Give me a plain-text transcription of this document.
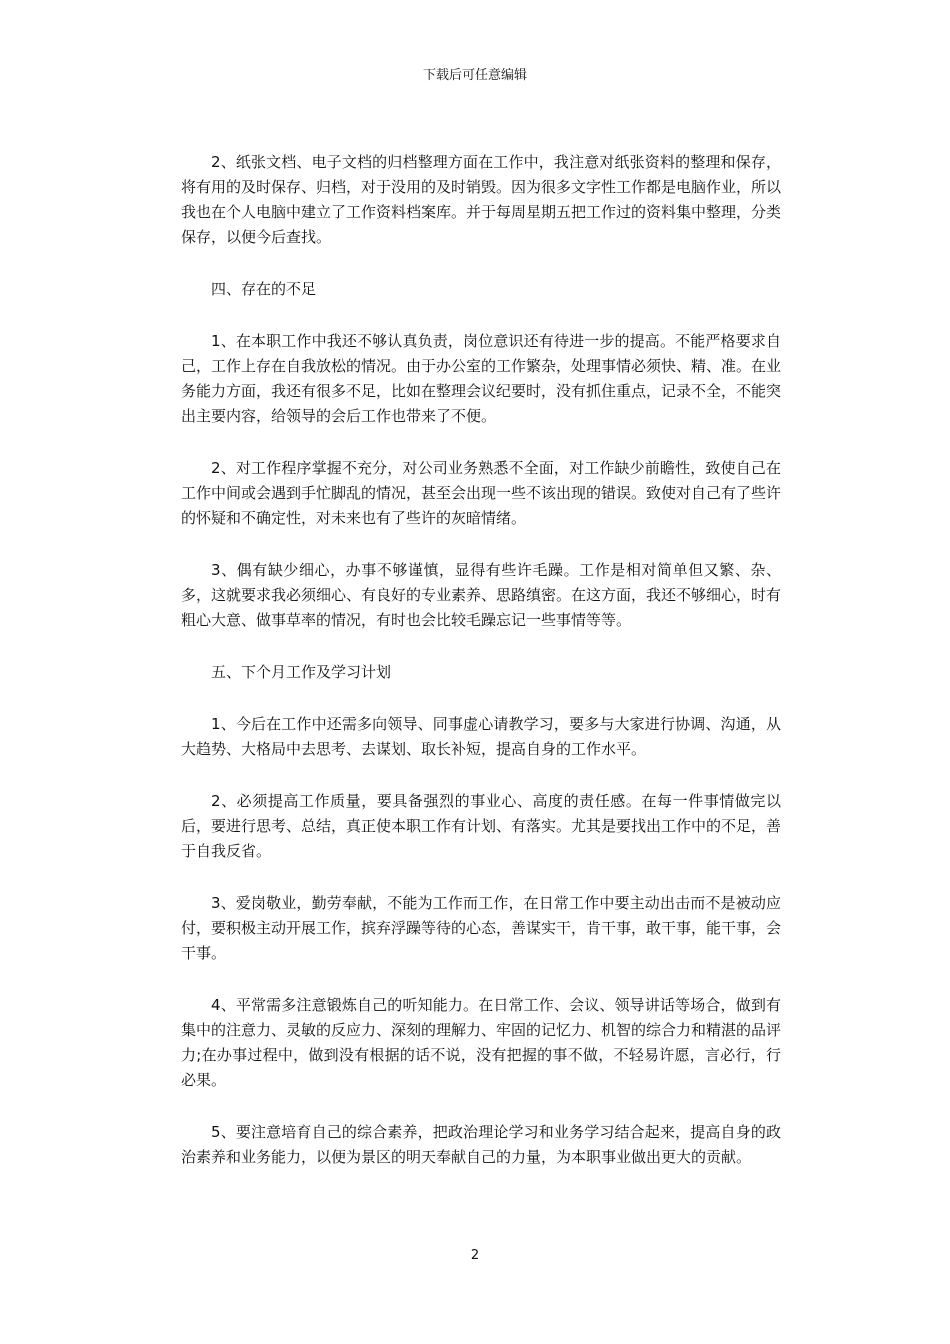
下载后可任意编辑

2、纸张文档、电子文档的归档整理方面在工作中，我注意对纸张资料的整理和保存，将有用的及时保存、归档，对于没用的及时销毁。因为很多文字性工作都是电脑作业，所以我也在个人电脑中建立了工作资料档案库。并于每周星期五把工作过的资料集中整理，分类保存，以便今后查找。

四、存在的不足

1、在本职工作中我还不够认真负责，岗位意识还有待进一步的提高。不能严格要求自己，工作上存在自我放松的情况。由于办公室的工作繁杂，处理事情必须快、精、准。在业务能力方面，我还有很多不足，比如在整理会议纪要时，没有抓住重点，记录不全，不能突出主要内容，给领导的会后工作也带来了不便。

2、对工作程序掌握不充分，对公司业务熟悉不全面，对工作缺少前瞻性，致使自己在工作中间或会遇到手忙脚乱的情况，甚至会出现一些不该出现的错误。致使对自己有了些许的怀疑和不确定性，对未来也有了些许的灰暗情绪。

3、偶有缺少细心，办事不够谨慎，显得有些许毛躁。工作是相对简单但又繁、杂、多，这就要求我必须细心、有良好的专业素养、思路缜密。在这方面，我还不够细心，时有粗心大意、做事草率的情况，有时也会比较毛躁忘记一些事情等等。

五、下个月工作及学习计划

1、今后在工作中还需多向领导、同事虚心请教学习，要多与大家进行协调、沟通，从大趋势、大格局中去思考、去谋划、取长补短，提高自身的工作水平。

2、必须提高工作质量，要具备强烈的事业心、高度的责任感。在每一件事情做完以后，要进行思考、总结，真正使本职工作有计划、有落实。尤其是要找出工作中的不足，善于自我反省。

3、爱岗敬业，勤劳奉献，不能为工作而工作，在日常工作中要主动出击而不是被动应付，要积极主动开展工作，摈弃浮躁等待的心态，善谋实干，肯干事，敢干事，能干事，会干事。

4、平常需多注意锻炼自己的听知能力。在日常工作、会议、领导讲话等场合，做到有集中的注意力、灵敏的反应力、深刻的理解力、牢固的记忆力、机智的综合力和精湛的品评力;在办事过程中，做到没有根据的话不说，没有把握的事不做，不轻易许愿，言必行，行必果。

5、要注意培育自己的综合素养，把政治理论学习和业务学习结合起来，提高自身的政治素养和业务能力，以便为景区的明天奉献自己的力量，为本职事业做出更大的贡献。

2
